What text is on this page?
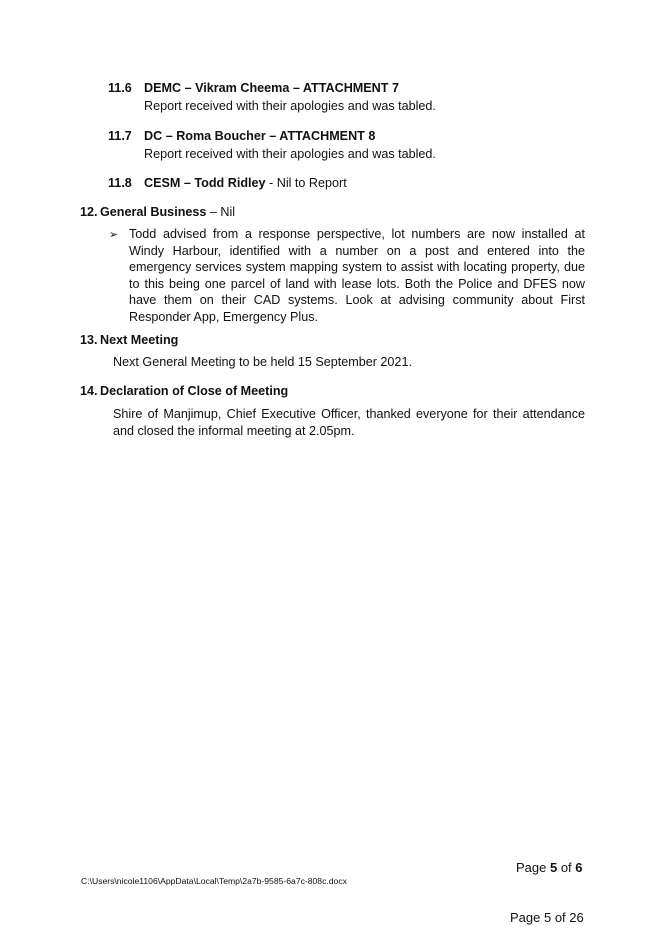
11.6 DEMC – Vikram Cheema – ATTACHMENT 7
Report received with their apologies and was tabled.
11.7 DC – Roma Boucher – ATTACHMENT 8
Report received with their apologies and was tabled.
11.8 CESM – Todd Ridley - Nil to Report
12. General Business – Nil
➢ Todd advised from a response perspective, lot numbers are now installed at Windy Harbour, identified with a number on a post and entered into the emergency services system mapping system to assist with locating property, due to this being one parcel of land with lease lots. Both the Police and DFES now have them on their CAD systems. Look at advising community about First Responder App, Emergency Plus.
13. Next Meeting
Next General Meeting to be held 15 September 2021.
14. Declaration of Close of Meeting
Shire of Manjimup, Chief Executive Officer, thanked everyone for their attendance and closed the informal meeting at 2.05pm.
Page 5 of 6
C:\Users\nicole1106\AppData\Local\Temp\2a7b-9585-6a7c-808c.docx
Page 5 of 26
